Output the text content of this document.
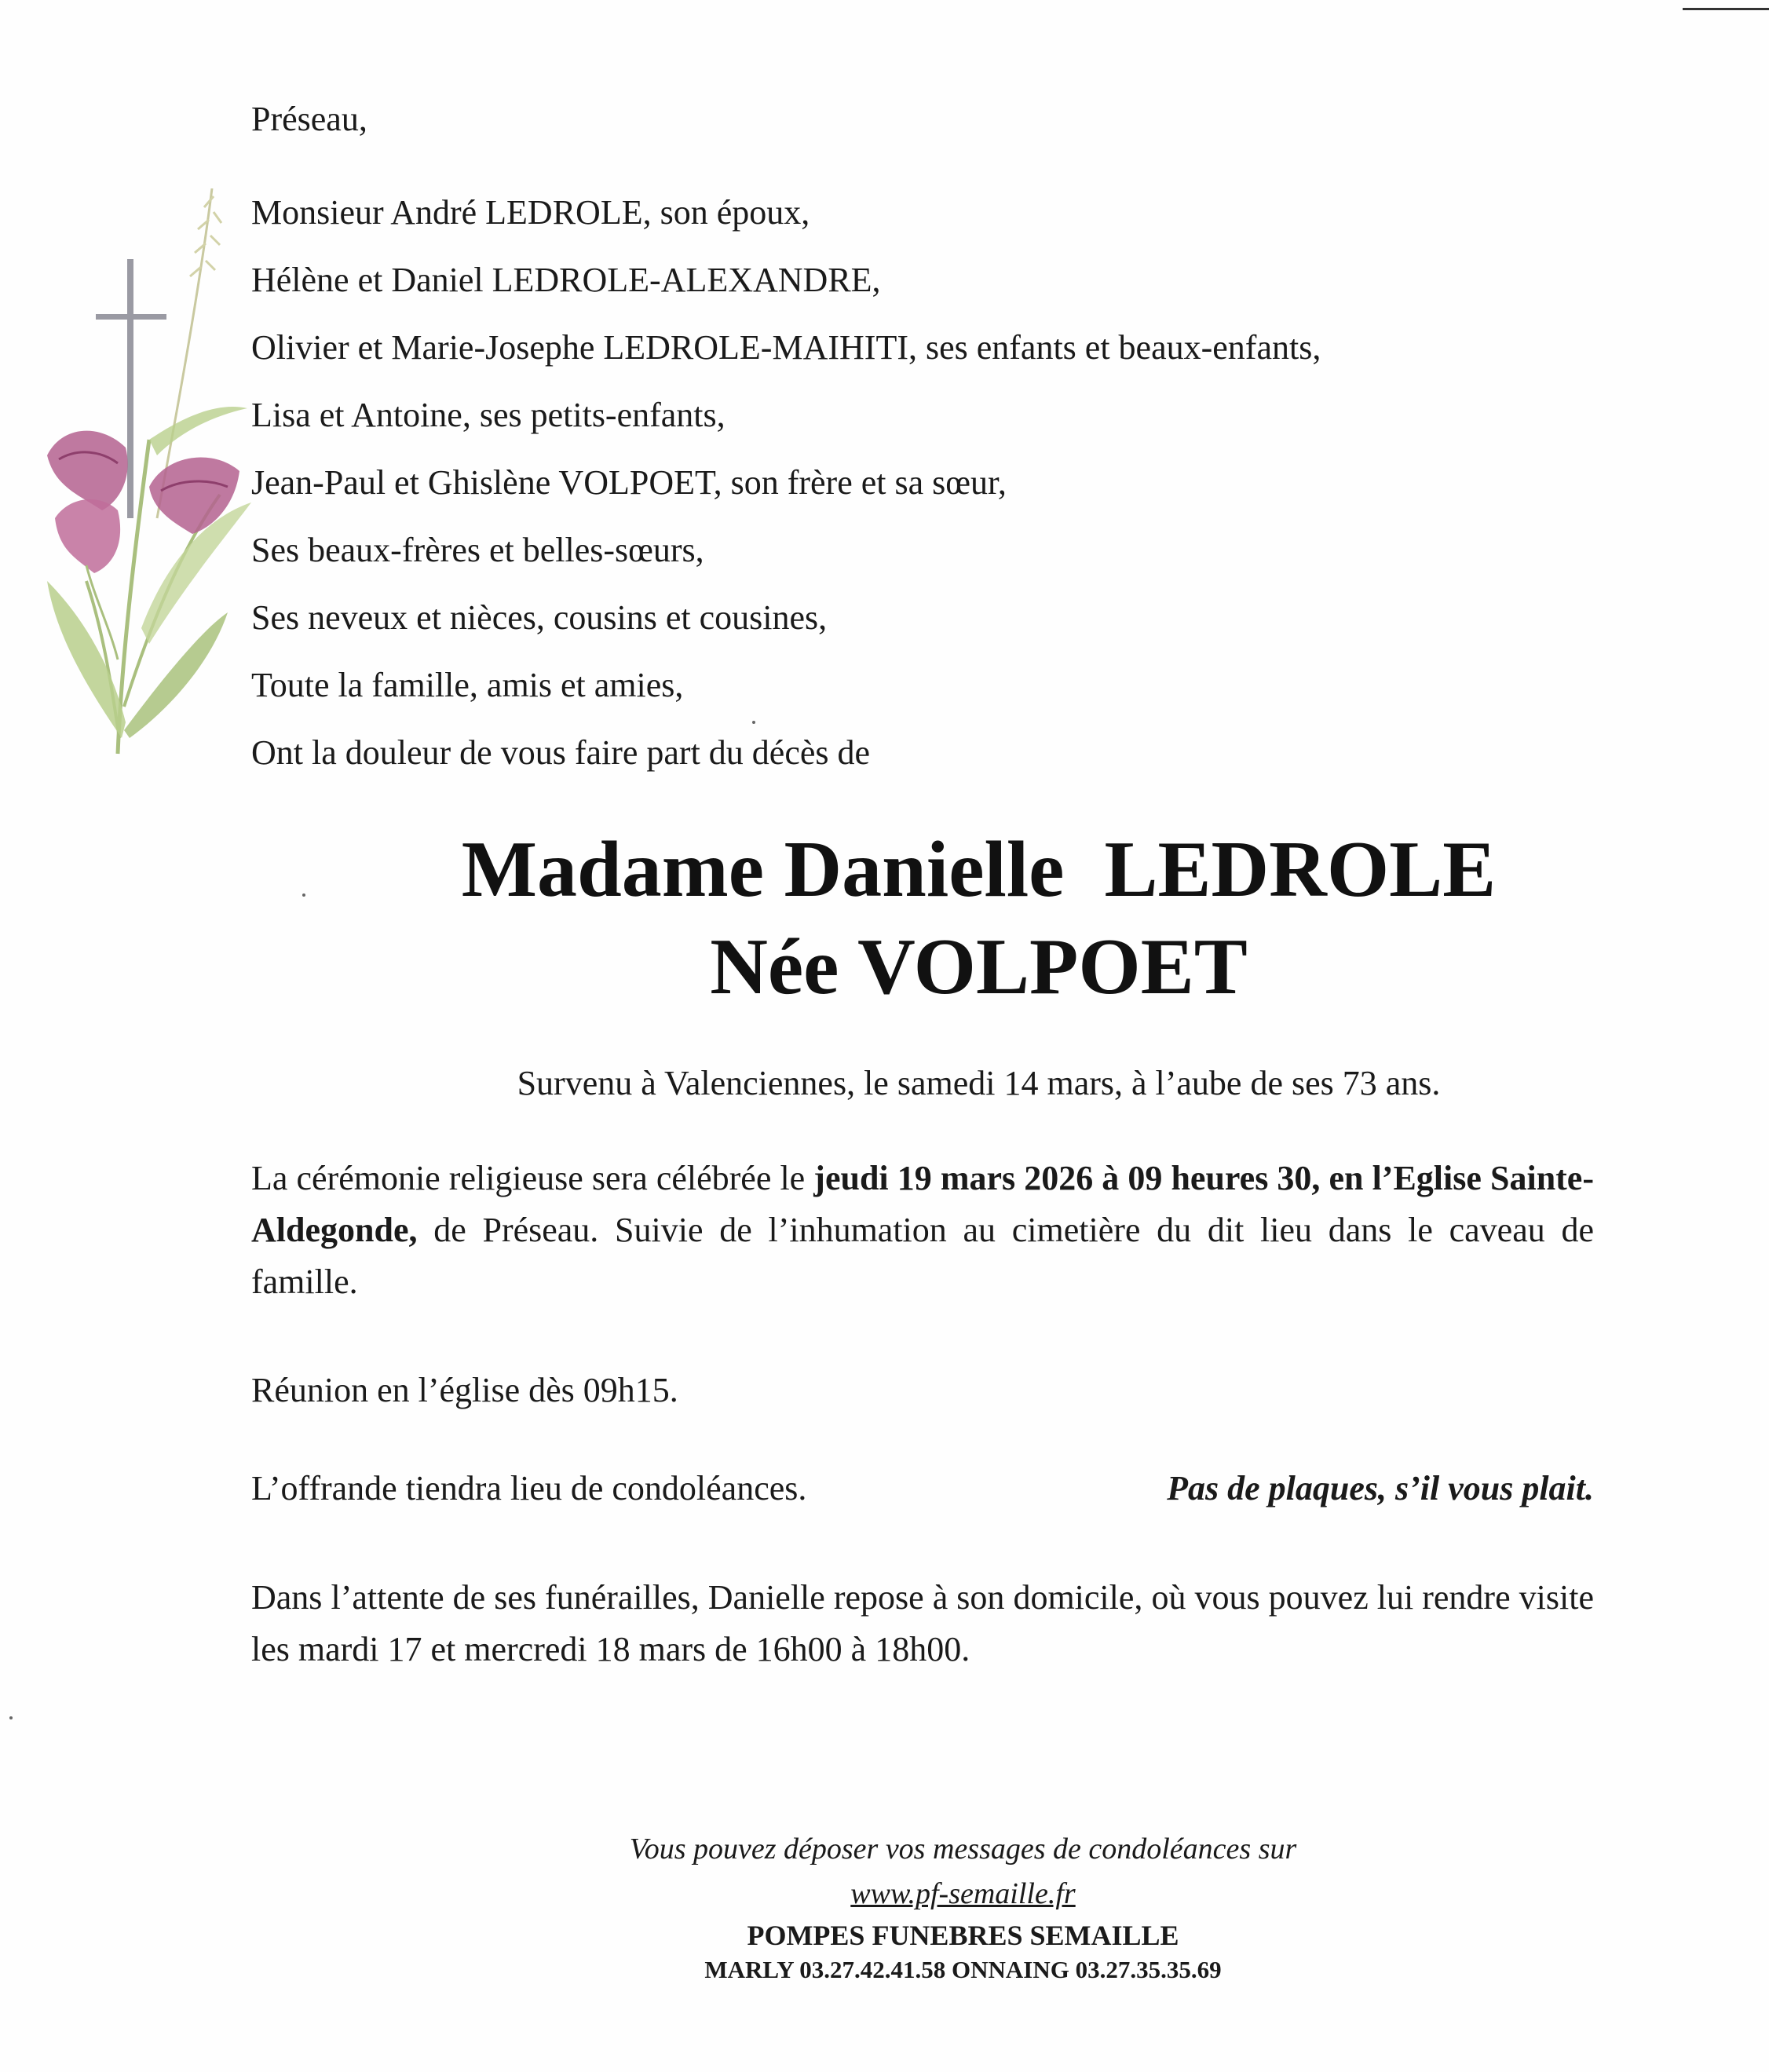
Préseau,
Monsieur André LEDROLE, son époux,
Hélène et Daniel LEDROLE-ALEXANDRE,
Olivier et Marie-Josephe LEDROLE-MAIHITI, ses enfants et beaux-enfants,
Lisa et Antoine, ses petits-enfants,
Jean-Paul et Ghislène VOLPOET, son frère et sa sœur,
Ses beaux-frères et belles-sœurs,
Ses neveux et nièces, cousins et cousines,
Toute la famille, amis et amies,
Ont la douleur de vous faire part du décès de
Madame Danielle  LEDROLE
Née VOLPOET
Survenu à Valenciennes, le samedi 14 mars, à l’aube de ses 73 ans.
La cérémonie religieuse sera célébrée le jeudi 19 mars 2026 à 09 heures 30, en l’Eglise Sainte-Aldegonde, de Préseau. Suivie de l’inhumation au cimetière du dit lieu dans le caveau de famille.
Réunion en l’église dès 09h15.
L’offrande tiendra lieu de condoléances.	Pas de plaques, s’il vous plait.
Dans l’attente de ses funérailles, Danielle repose à son domicile, où vous pouvez lui rendre visite les mardi 17 et mercredi 18 mars de 16h00 à 18h00.
Vous pouvez déposer vos messages de condoléances sur
www.pf-semaille.fr
POMPES FUNEBRES SEMAILLE
MARLY 03.27.42.41.58 ONNAING 03.27.35.35.69
